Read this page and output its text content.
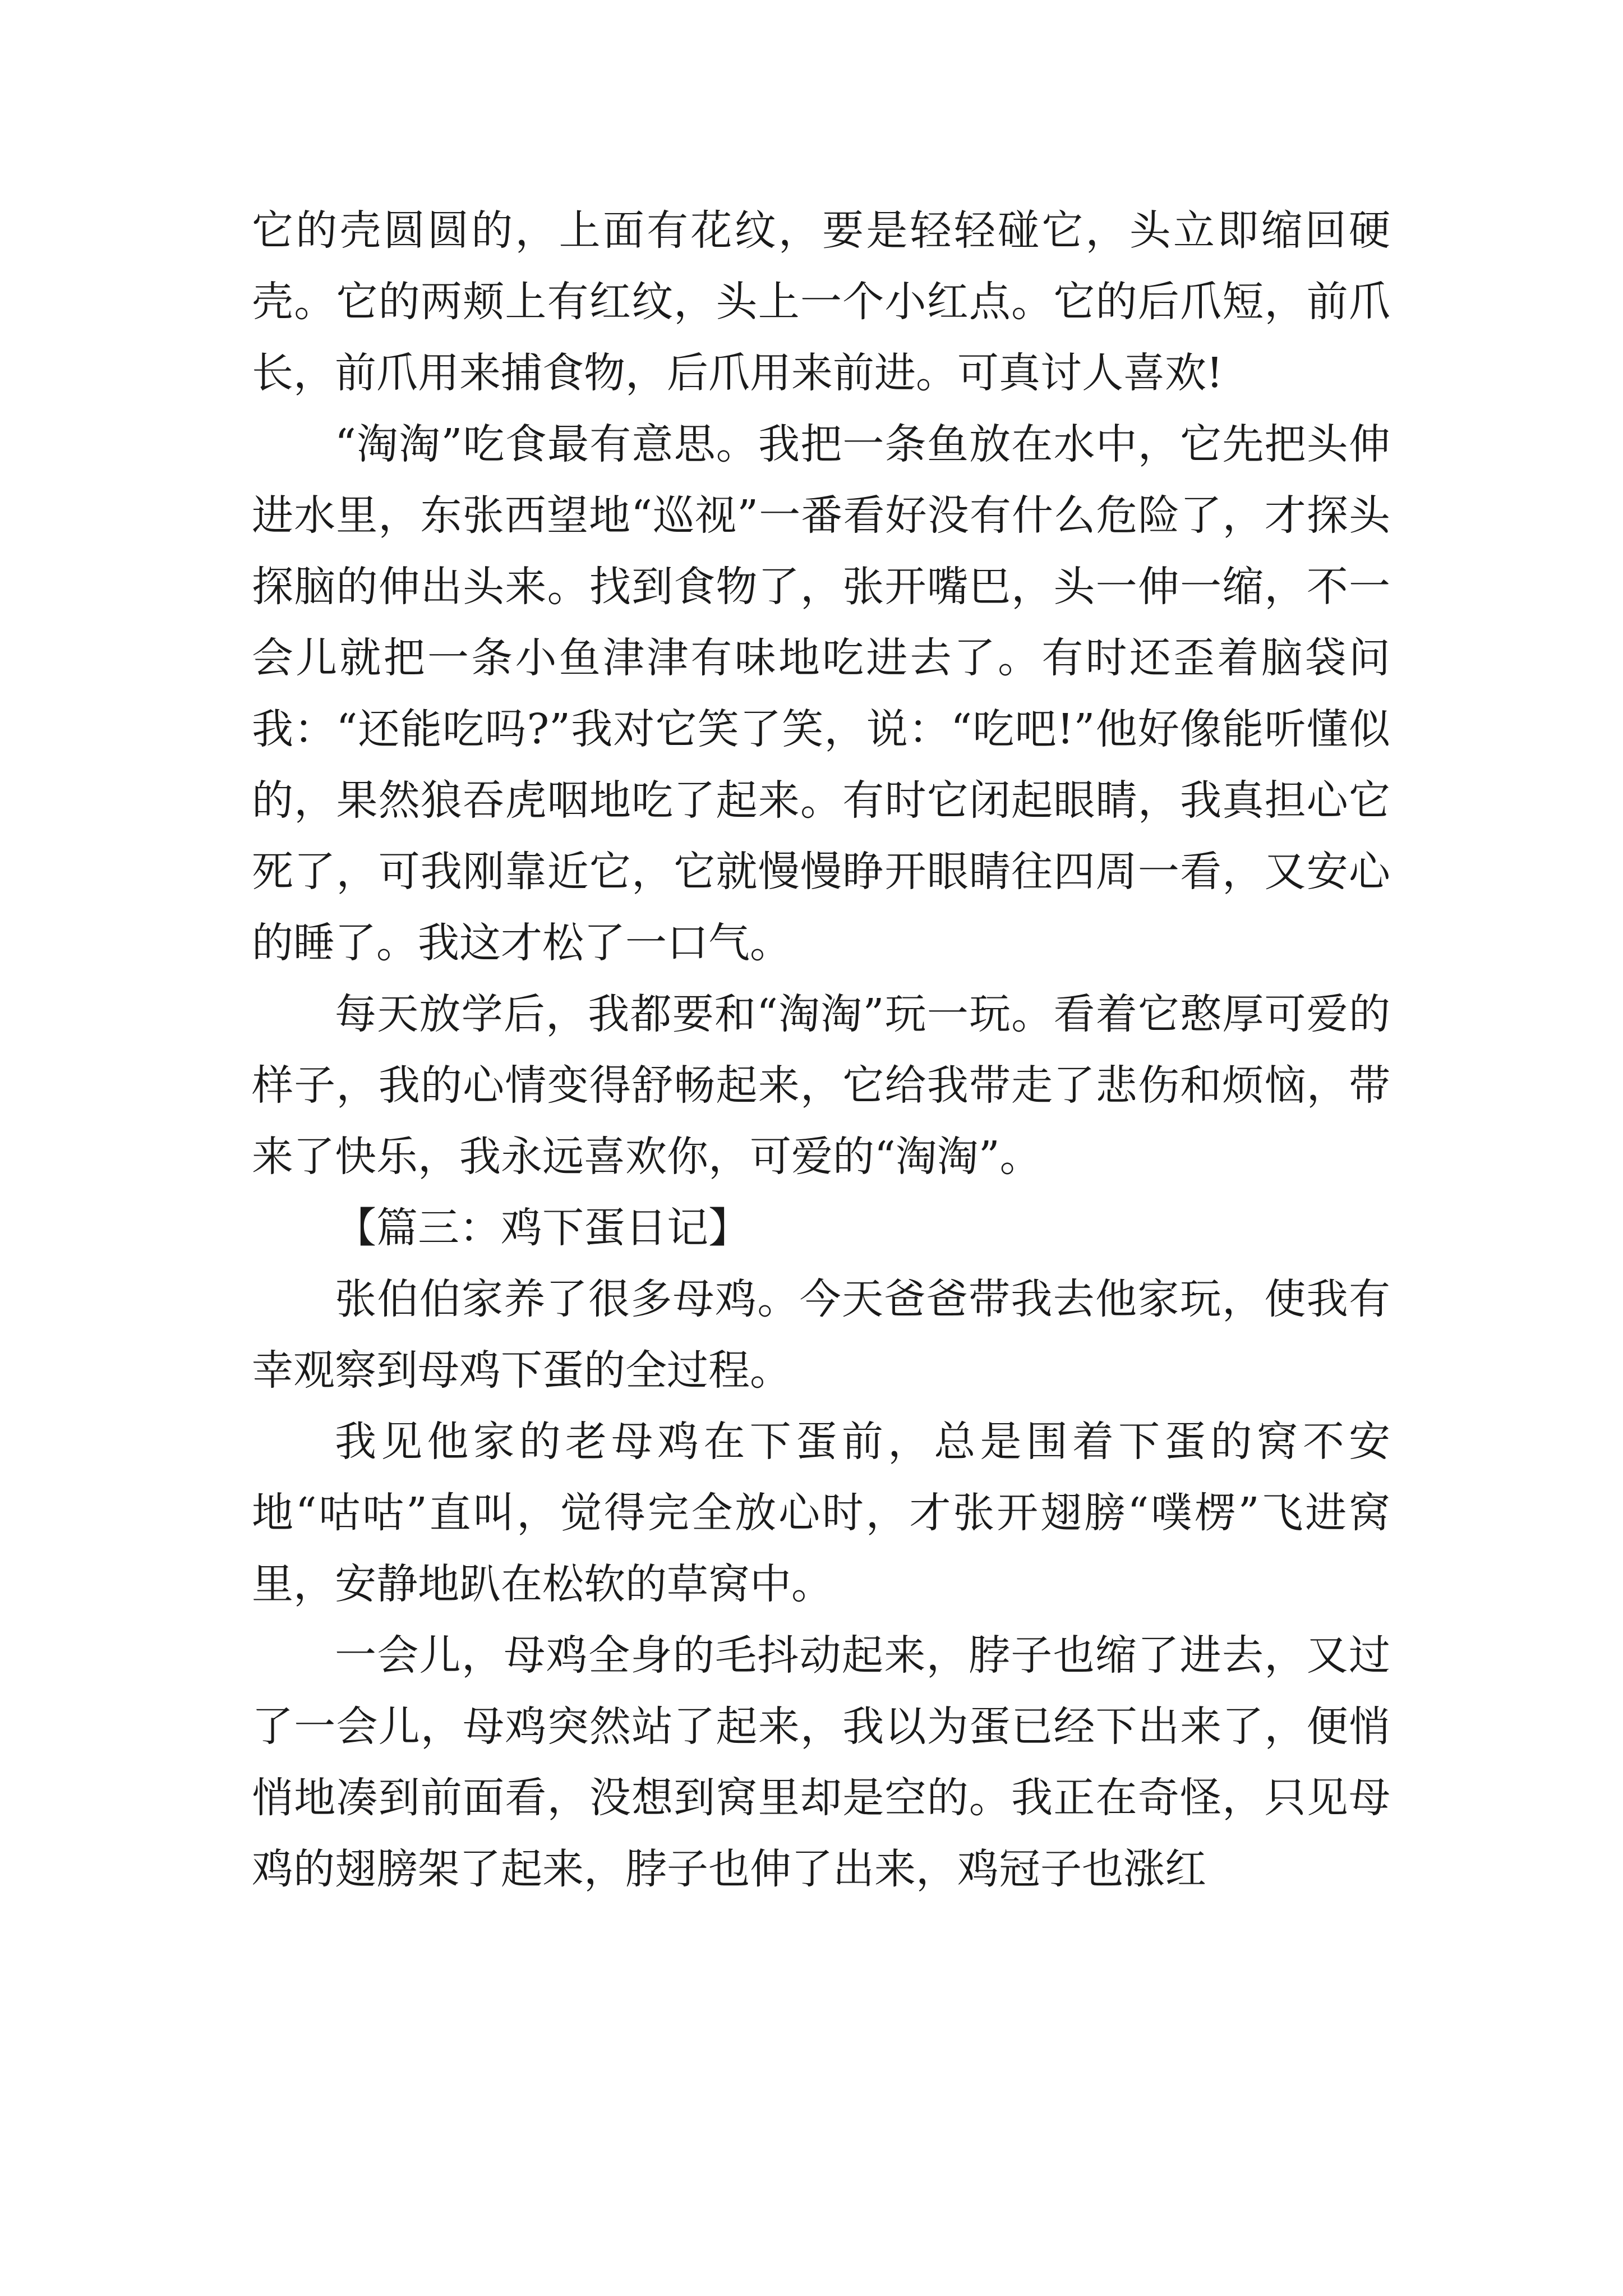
它的壳圆圆的，上面有花纹，要是轻轻碰它，头立即缩回硬壳。它的两颊上有红纹，头上一个小红点。它的后爪短，前爪长，前爪用来捕食物，后爪用来前进。可真讨人喜欢!

“淘淘”吃食最有意思。我把一条鱼放在水中，它先把头伸进水里，东张西望地“巡视”一番看好没有什么危险了，才探头探脑的伸出头来。找到食物了，张开嘴巴，头一伸一缩，不一会儿就把一条小鱼津津有味地吃进去了。有时还歪着脑袋问我：“还能吃吗?”我对它笑了笑，说：“吃吧!”他好像能听懂似的，果然狼吞虎咽地吃了起来。有时它闭起眼睛，我真担心它死了，可我刚靠近它，它就慢慢睁开眼睛往四周一看，又安心的睡了。我这才松了一口气。

每天放学后，我都要和“淘淘”玩一玩。看着它憨厚可爱的样子，我的心情变得舒畅起来，它给我带走了悲伤和烦恼，带来了快乐，我永远喜欢你，可爱的“淘淘”。

【篇三：鸡下蛋日记】

张伯伯家养了很多母鸡。今天爸爸带我去他家玩，使我有幸观察到母鸡下蛋的全过程。

我见他家的老母鸡在下蛋前，总是围着下蛋的窝不安地“咕咕”直叫，觉得完全放心时，才张开翅膀“噗楞”飞进窝里，安静地趴在松软的草窝中。

一会儿，母鸡全身的毛抖动起来，脖子也缩了进去，又过了一会儿，母鸡突然站了起来，我以为蛋已经下出来了，便悄悄地凑到前面看，没想到窝里却是空的。我正在奇怪，只见母鸡的翅膀架了起来，脖子也伸了出来，鸡冠子也涨红
